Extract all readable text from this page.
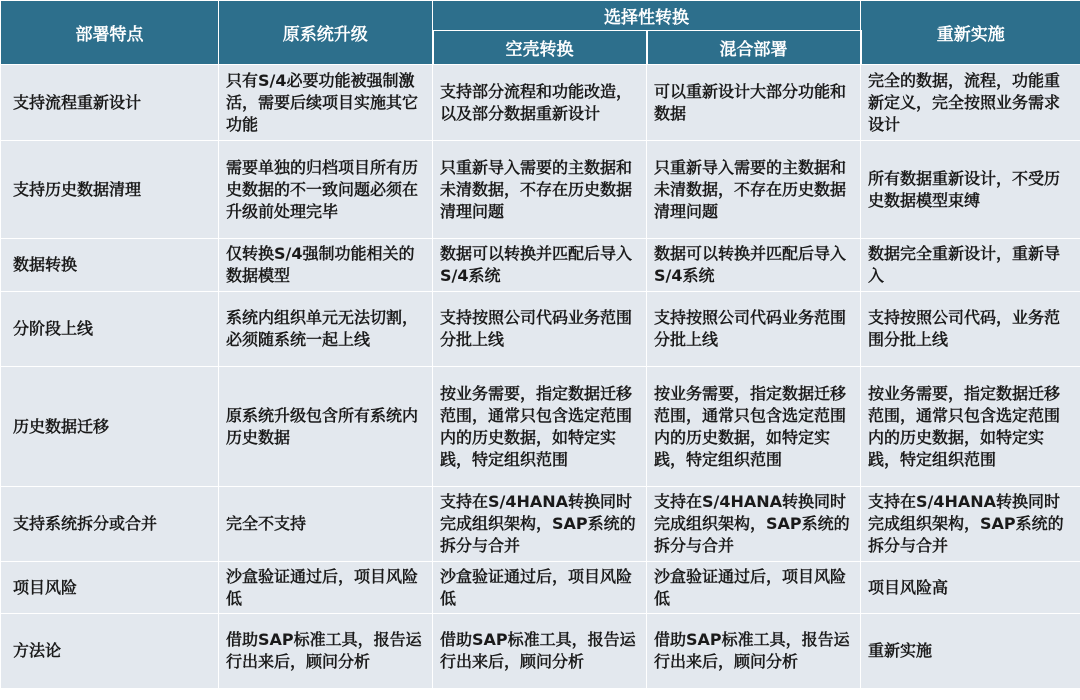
部署特点	原系统升级	选择性转换		重新实施
		空壳转换	混合部署	
支持流程重新设计	只有S/4必要功能被强制激活，需要后续项目实施其它功能	支持部分流程和功能改造，以及部分数据重新设计	可以重新设计大部分功能和数据	完全的数据，流程，功能重新定义，完全按照业务需求设计
支持历史数据清理	需要单独的归档项目所有历史数据的不一致问题必须在升级前处理完毕	只重新导入需要的主数据和未清数据，不存在历史数据清理问题	只重新导入需要的主数据和未清数据，不存在历史数据清理问题	所有数据重新设计，不受历史数据模型束缚
数据转换	仅转换S/4强制功能相关的数据模型	数据可以转换并匹配后导入S/4系统	数据可以转换并匹配后导入S/4系统	数据完全重新设计，重新导入
分阶段上线	系统内组织单元无法切割，必须随系统一起上线	支持按照公司代码业务范围分批上线	支持按照公司代码业务范围分批上线	支持按照公司代码，业务范围分批上线
历史数据迁移	原系统升级包含所有系统内历史数据	按业务需要，指定数据迁移范围，通常只包含选定范围内的历史数据，如特定实践，特定组织范围	按业务需要，指定数据迁移范围，通常只包含选定范围内的历史数据，如特定实践，特定组织范围	按业务需要，指定数据迁移范围，通常只包含选定范围内的历史数据，如特定实践，特定组织范围
支持系统拆分或合并	完全不支持	支持在S/4HANA转换同时完成组织架构，SAP系统的拆分与合并	支持在S/4HANA转换同时完成组织架构，SAP系统的拆分与合并	支持在S/4HANA转换同时完成组织架构，SAP系统的拆分与合并
项目风险	沙盒验证通过后，项目风险低	沙盒验证通过后，项目风险低	沙盒验证通过后，项目风险低	项目风险高
方法论	借助SAP标准工具，报告运行出来后，顾问分析	借助SAP标准工具，报告运行出来后，顾问分析	借助SAP标准工具，报告运行出来后，顾问分析	重新实施
